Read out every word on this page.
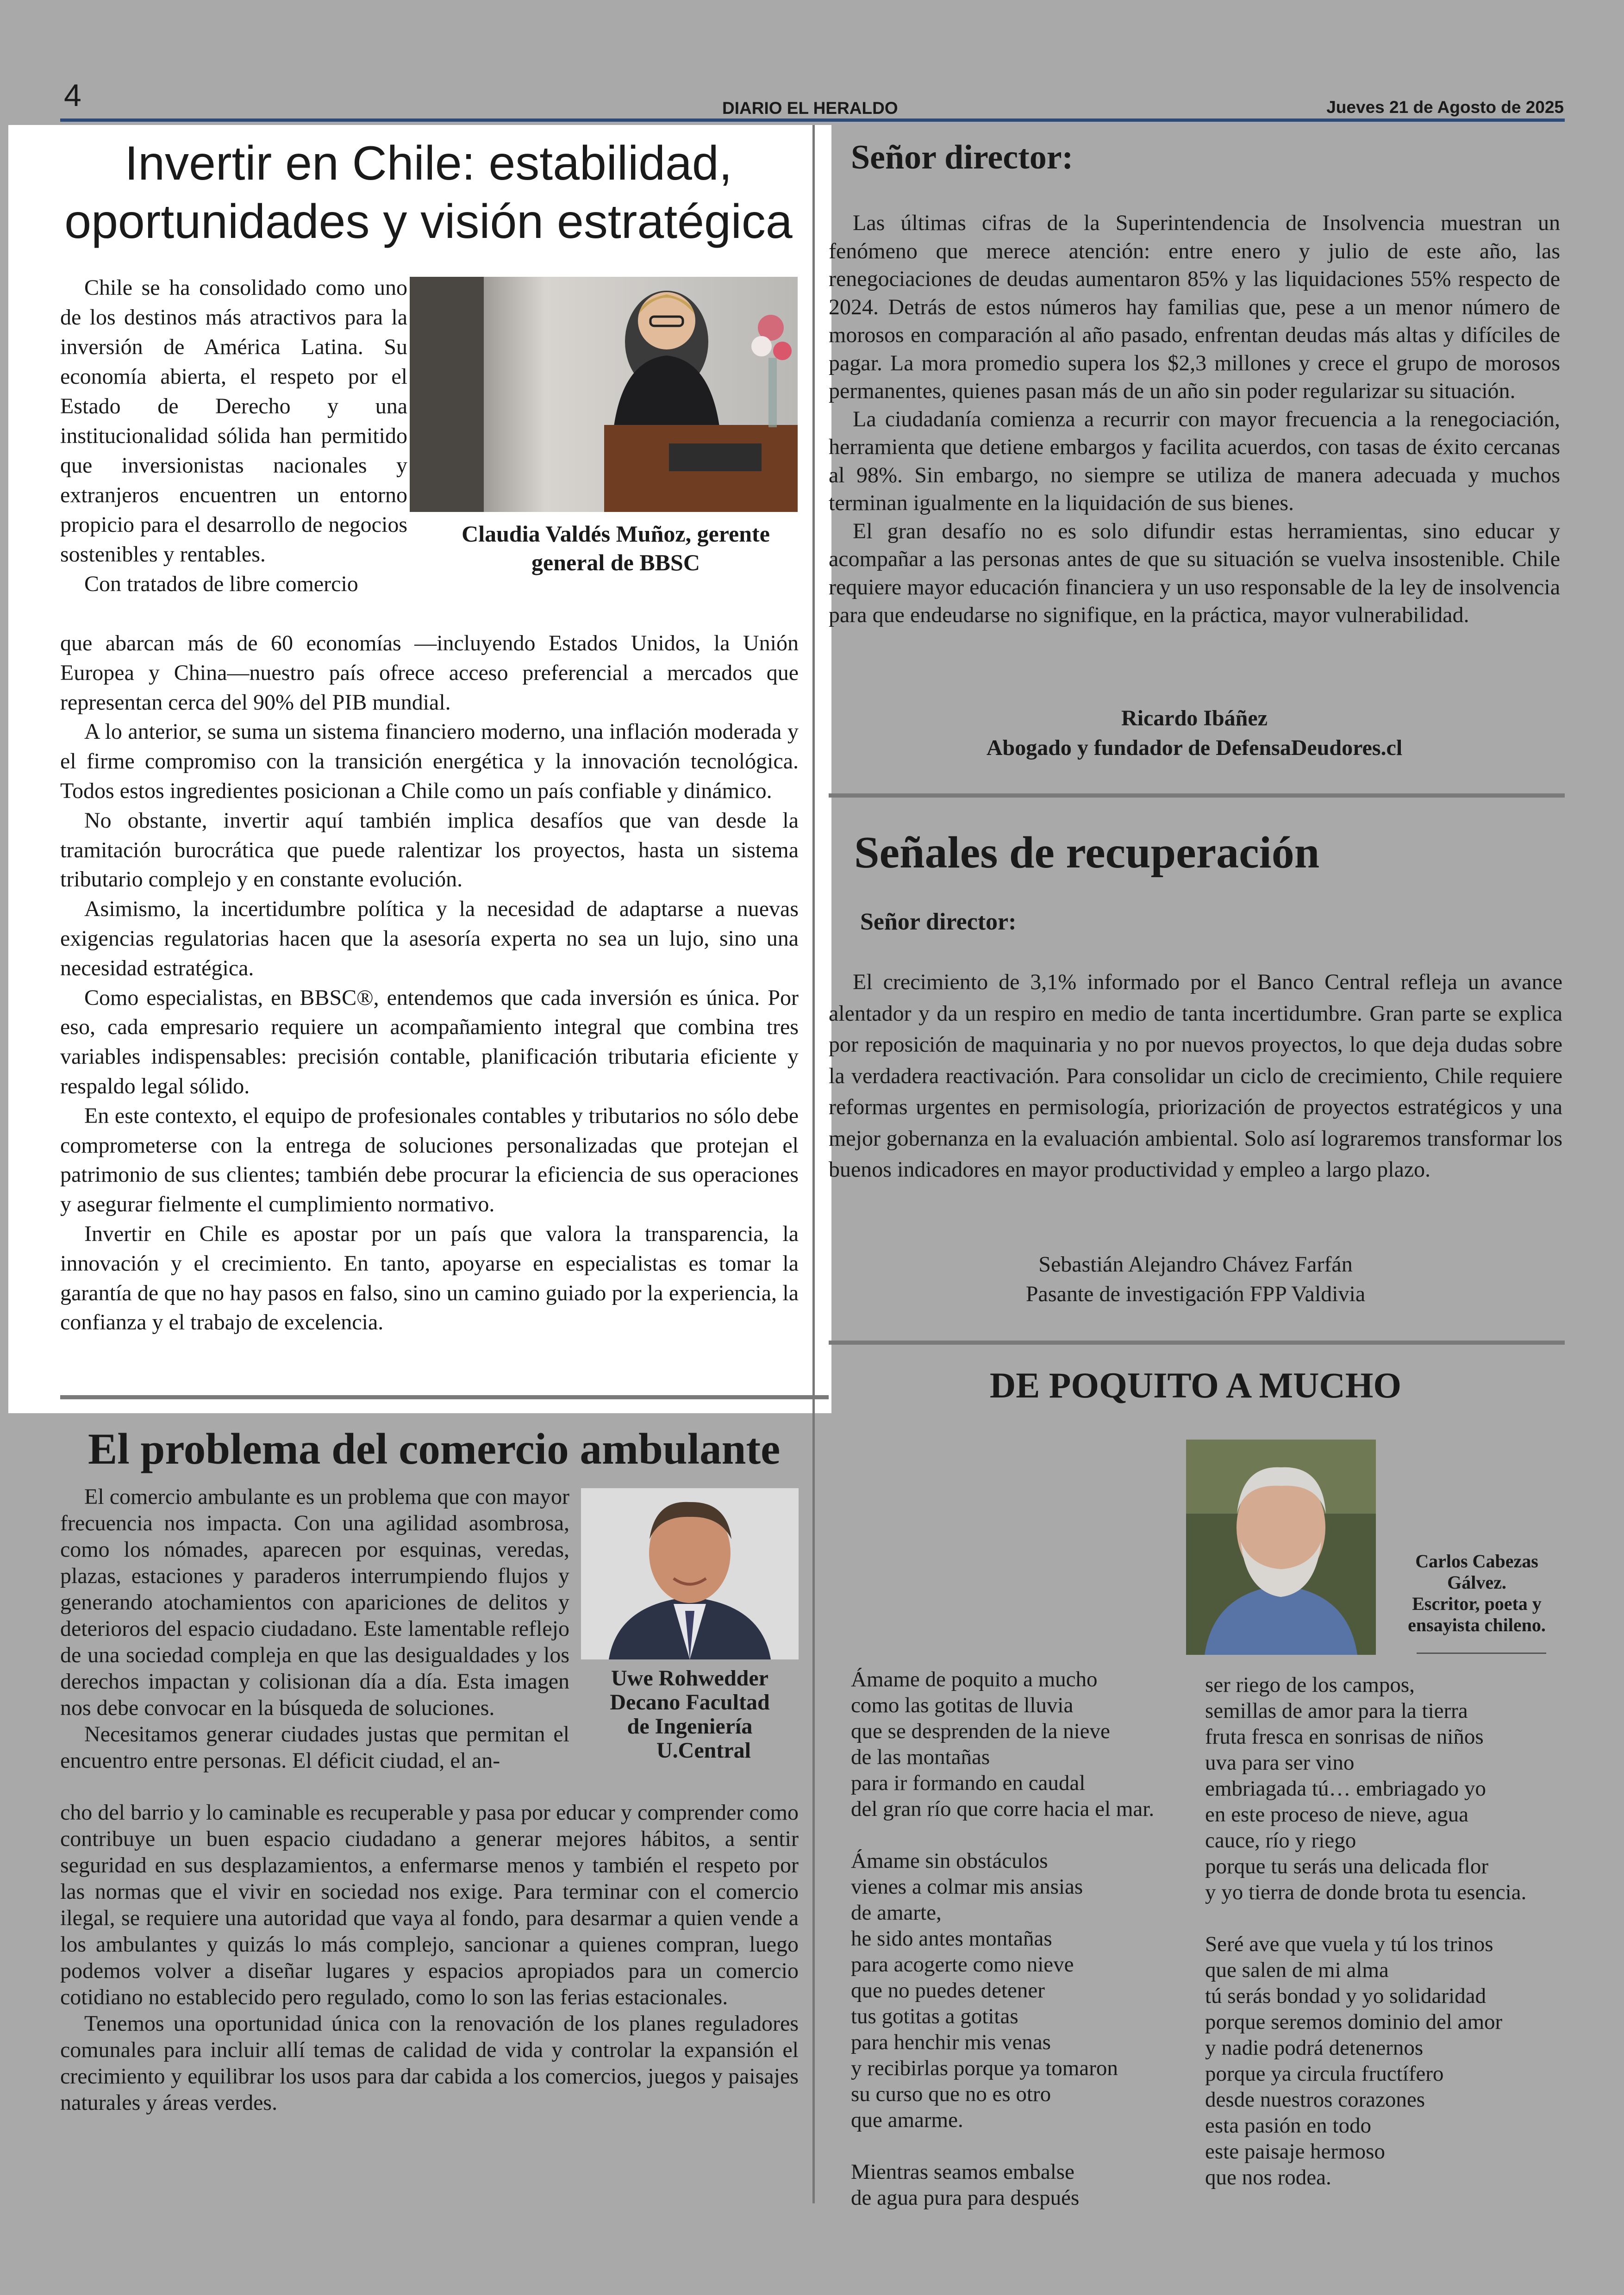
4	DIARIO EL HERALDO	Jueves 21 de Agosto de 2025
Invertir en Chile: estabilidad,
oportunidades y visión estratégica

Chile se ha consolidado como uno de los destinos más atractivos para la inversión de América Latina. Su economía abierta, el respeto por el Estado de Derecho y una institucionalidad sólida han permitido que inversionistas nacionales y extranjeros encuentren un entorno propicio para el desarrollo de negocios sostenibles y rentables.

Con tratados de libre comercio

Claudia Valdés Muñoz, gerente general de BBSC

que abarcan más de 60 economías —incluyendo Estados Unidos, la Unión Europea y China—nuestro país ofrece acceso preferencial a mercados que representan cerca del 90% del PIB mundial.

A lo anterior, se suma un sistema financiero moderno, una inflación moderada y el firme compromiso con la transición energética y la innovación tecnológica. Todos estos ingredientes posicionan a Chile como un país confiable y dinámico.

No obstante, invertir aquí también implica desafíos que van desde la tramitación burocrática que puede ralentizar los proyectos, hasta un sistema tributario complejo y en constante evolución.

Asimismo, la incertidumbre política y la necesidad de adaptarse a nuevas exigencias regulatorias hacen que la asesoría experta no sea un lujo, sino una necesidad estratégica.

Como especialistas, en BBSC®, entendemos que cada inversión es única. Por eso, cada empresario requiere un acompañamiento integral que combina tres variables indispensables: precisión contable, planificación tributaria eficiente y respaldo legal sólido.

En este contexto, el equipo de profesionales contables y tributarios no sólo debe comprometerse con la entrega de soluciones personalizadas que protejan el patrimonio de sus clientes; también debe procurar la eficiencia de sus operaciones y asegurar fielmente el cumplimiento normativo.

Invertir en Chile es apostar por un país que valora la transparencia, la innovación y el crecimiento. En tanto, apoyarse en especialistas es tomar la garantía de que no hay pasos en falso, sino un camino guiado por la experiencia, la confianza y el trabajo de excelencia.

El problema del comercio ambulante

El comercio ambulante es un problema que con mayor frecuencia nos impacta. Con una agilidad asombrosa, como los nómades, aparecen por esquinas, veredas, plazas, estaciones y paraderos interrumpiendo flujos y generando atochamientos con apariciones de delitos y deterioros del espacio ciudadano. Este lamentable reflejo de una sociedad compleja en que las desigualdades y los derechos impactan y colisionan día a día. Esta imagen nos debe convocar en la búsqueda de soluciones.

Necesitamos generar ciudades justas que permitan el encuentro entre personas. El déficit ciudad, el an-

Uwe Rohwedder
Decano Facultad
de Ingeniería
U.Central

cho del barrio y lo caminable es recuperable y pasa por educar y comprender como contribuye un buen espacio ciudadano a generar mejores hábitos, a sentir seguridad en sus desplazamientos, a enfermarse menos y también el respeto por las normas que el vivir en sociedad nos exige. Para terminar con el comercio ilegal, se requiere una autoridad que vaya al fondo, para desarmar a quien vende a los ambulantes y quizás lo más complejo, sancionar a quienes compran, luego podemos volver a diseñar lugares y espacios apropiados para un comercio cotidiano no establecido pero regulado, como lo son las ferias estacionales.

Tenemos una oportunidad única con la renovación de los planes reguladores comunales para incluir allí temas de calidad de vida y controlar la expansión el crecimiento y equilibrar los usos para dar cabida a los comercios, juegos y paisajes naturales y áreas verdes.

Señor director:

Las últimas cifras de la Superintendencia de Insolvencia muestran un fenómeno que merece atención: entre enero y julio de este año, las renegociaciones de deudas aumentaron 85% y las liquidaciones 55% respecto de 2024. Detrás de estos números hay familias que, pese a un menor número de morosos en comparación al año pasado, enfrentan deudas más altas y difíciles de pagar. La mora promedio supera los $2,3 millones y crece el grupo de morosos permanentes, quienes pasan más de un año sin poder regularizar su situación.

La ciudadanía comienza a recurrir con mayor frecuencia a la renegociación, herramienta que detiene embargos y facilita acuerdos, con tasas de éxito cercanas al 98%. Sin embargo, no siempre se utiliza de manera adecuada y muchos terminan igualmente en la liquidación de sus bienes.

El gran desafío no es solo difundir estas herramientas, sino educar y acompañar a las personas antes de que su situación se vuelva insostenible. Chile requiere mayor educación financiera y un uso responsable de la ley de insolvencia para que endeudarse no signifique, en la práctica, mayor vulnerabilidad.

Ricardo Ibáñez
Abogado y fundador de DefensaDeudores.cl
Señales de recuperación
Señor director:

El crecimiento de 3,1% informado por el Banco Central refleja un avance alentador y da un respiro en medio de tanta incertidumbre. Gran parte se explica por reposición de maquinaria y no por nuevos proyectos, lo que deja dudas sobre la verdadera reactivación. Para consolidar un ciclo de crecimiento, Chile requiere reformas urgentes en permisología, priorización de proyectos estratégicos y una mejor gobernanza en la evaluación ambiental. Solo así lograremos transformar los buenos indicadores en mayor productividad y empleo a largo plazo.

Sebastián Alejandro Chávez Farfán
Pasante de investigación FPP Valdivia
DE POQUITO A MUCHO
Carlos Cabezas
Gálvez.
Escritor, poeta y
ensayista chileno.
Ámame de poquito a mucho
como las gotitas de lluvia
que se desprenden de la nieve
de las montañas
para ir formando en caudal
del gran río que corre hacia el mar.

Ámame sin obstáculos
vienes a colmar mis ansias
de amarte,
he sido antes montañas
para acogerte como nieve
que no puedes detener
tus gotitas a gotitas
para henchir mis venas
y recibirlas porque ya tomaron
su curso que no es otro
que amarme.

Mientras seamos embalse
de agua pura para después
ser riego de los campos,
semillas de amor para la tierra
fruta fresca en sonrisas de niños
uva para ser vino
embriagada tú… embriagado yo
en este proceso de nieve, agua
cauce, río y riego
porque tu serás una delicada flor
y yo tierra de donde brota tu esencia.

Seré ave que vuela y tú los trinos
que salen de mi alma
tú serás bondad y yo solidaridad
porque seremos dominio del amor
y nadie podrá detenernos
porque ya circula fructífero
desde nuestros corazones
esta pasión en todo
este paisaje hermoso
que nos rodea.
